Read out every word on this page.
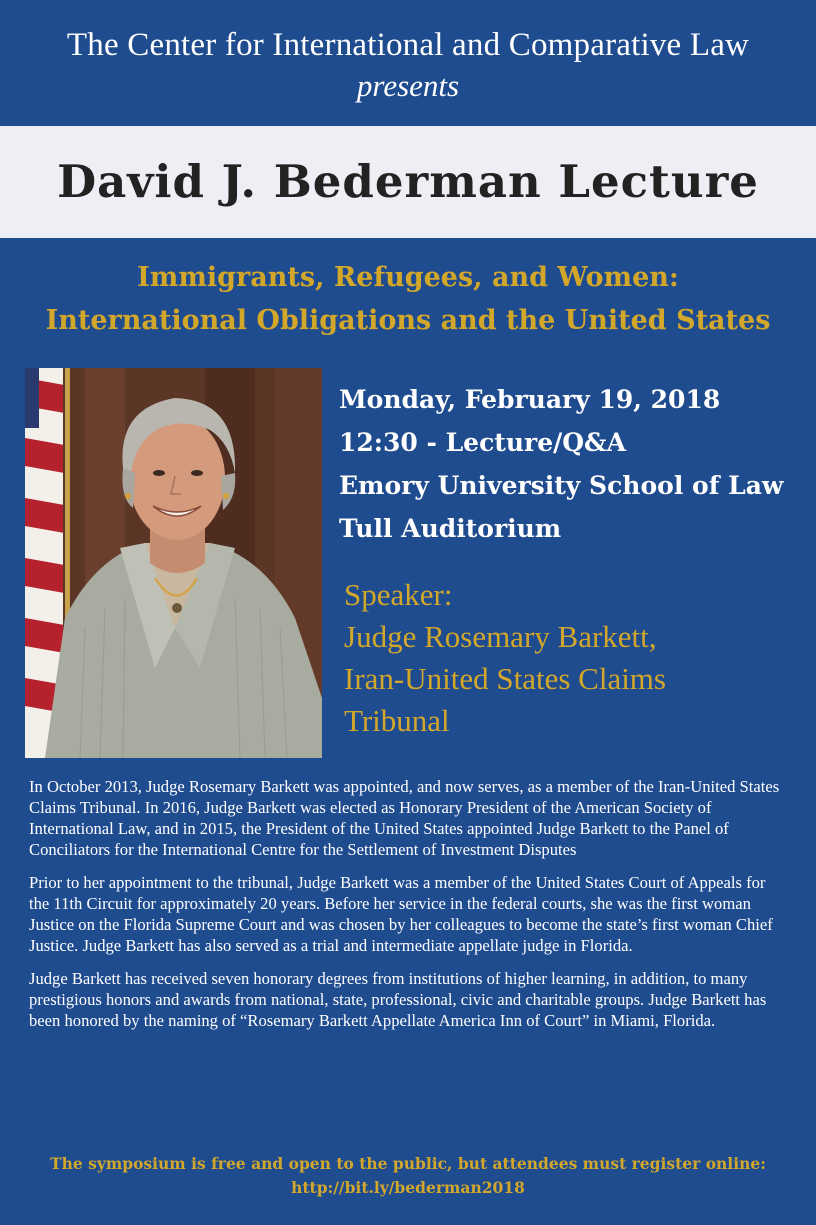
The Center for International and Comparative Law
presents
David J. Bederman Lecture
Immigrants, Refugees, and Women:
International Obligations and the United States
Monday, February 19, 2018
12:30 - Lecture/Q&A
Emory University School of Law
Tull Auditorium
Speaker:
Judge Rosemary Barkett,
Iran-United States Claims
Tribunal

In October 2013, Judge Rosemary Barkett was appointed, and now serves, as a member of the Iran-United States Claims Tribunal. In 2016, Judge Barkett was elected as Honorary President of the American Society of International Law, and in 2015, the President of the United States appointed Judge Barkett to the Panel of Conciliators for the International Centre for the Settlement of Investment Disputes

Prior to her appointment to the tribunal, Judge Barkett was a member of the United States Court of Appeals for the 11th Circuit for approximately 20 years. Before her service in the federal courts, she was the first woman Justice on the Florida Supreme Court and was chosen by her colleagues to become the state’s first woman Chief Justice. Judge Barkett has also served as a trial and intermediate appellate judge in Florida.

Judge Barkett has received seven honorary degrees from institutions of higher learning, in addition, to many prestigious honors and awards from national, state, professional, civic and charitable groups. Judge Barkett has been honored by the naming of “Rosemary Barkett Appellate America Inn of Court” in Miami, Florida.

The symposium is free and open to the public, but attendees must register online:
http://bit.ly/bederman2018
